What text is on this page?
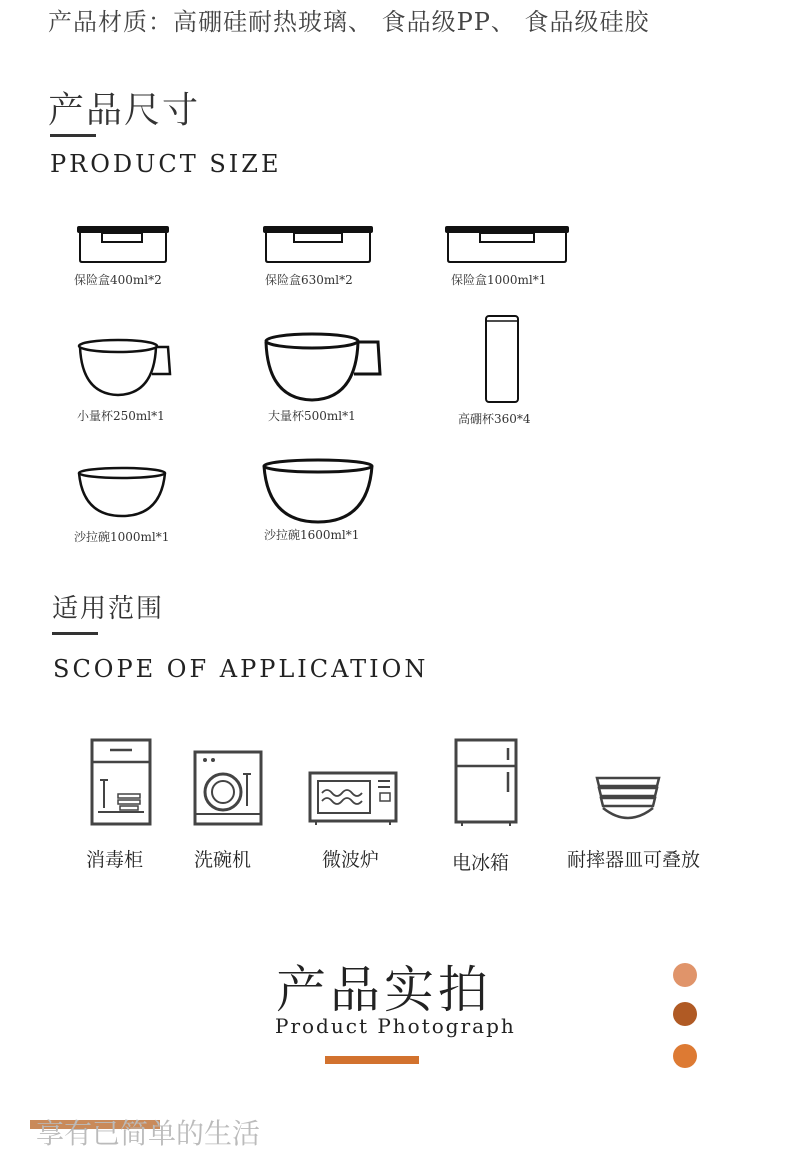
产品材质：高硼硅耐热玻璃、 食品级PP、 食品级硅胶
产品尺寸
PRODUCT SIZE
保险盒400ml*2	保险盒630ml*2	保险盒1000ml*1
小量杯250ml*1	大量杯500ml*1	高硼杯360*4
沙拉碗1000ml*1	沙拉碗1600ml*1
适用范围
SCOPE OF APPLICATION
消毒柜	洗碗机	微波炉	电冰箱	耐摔器皿可叠放
产品实拍
Product Photograph
享有已简单的生活
